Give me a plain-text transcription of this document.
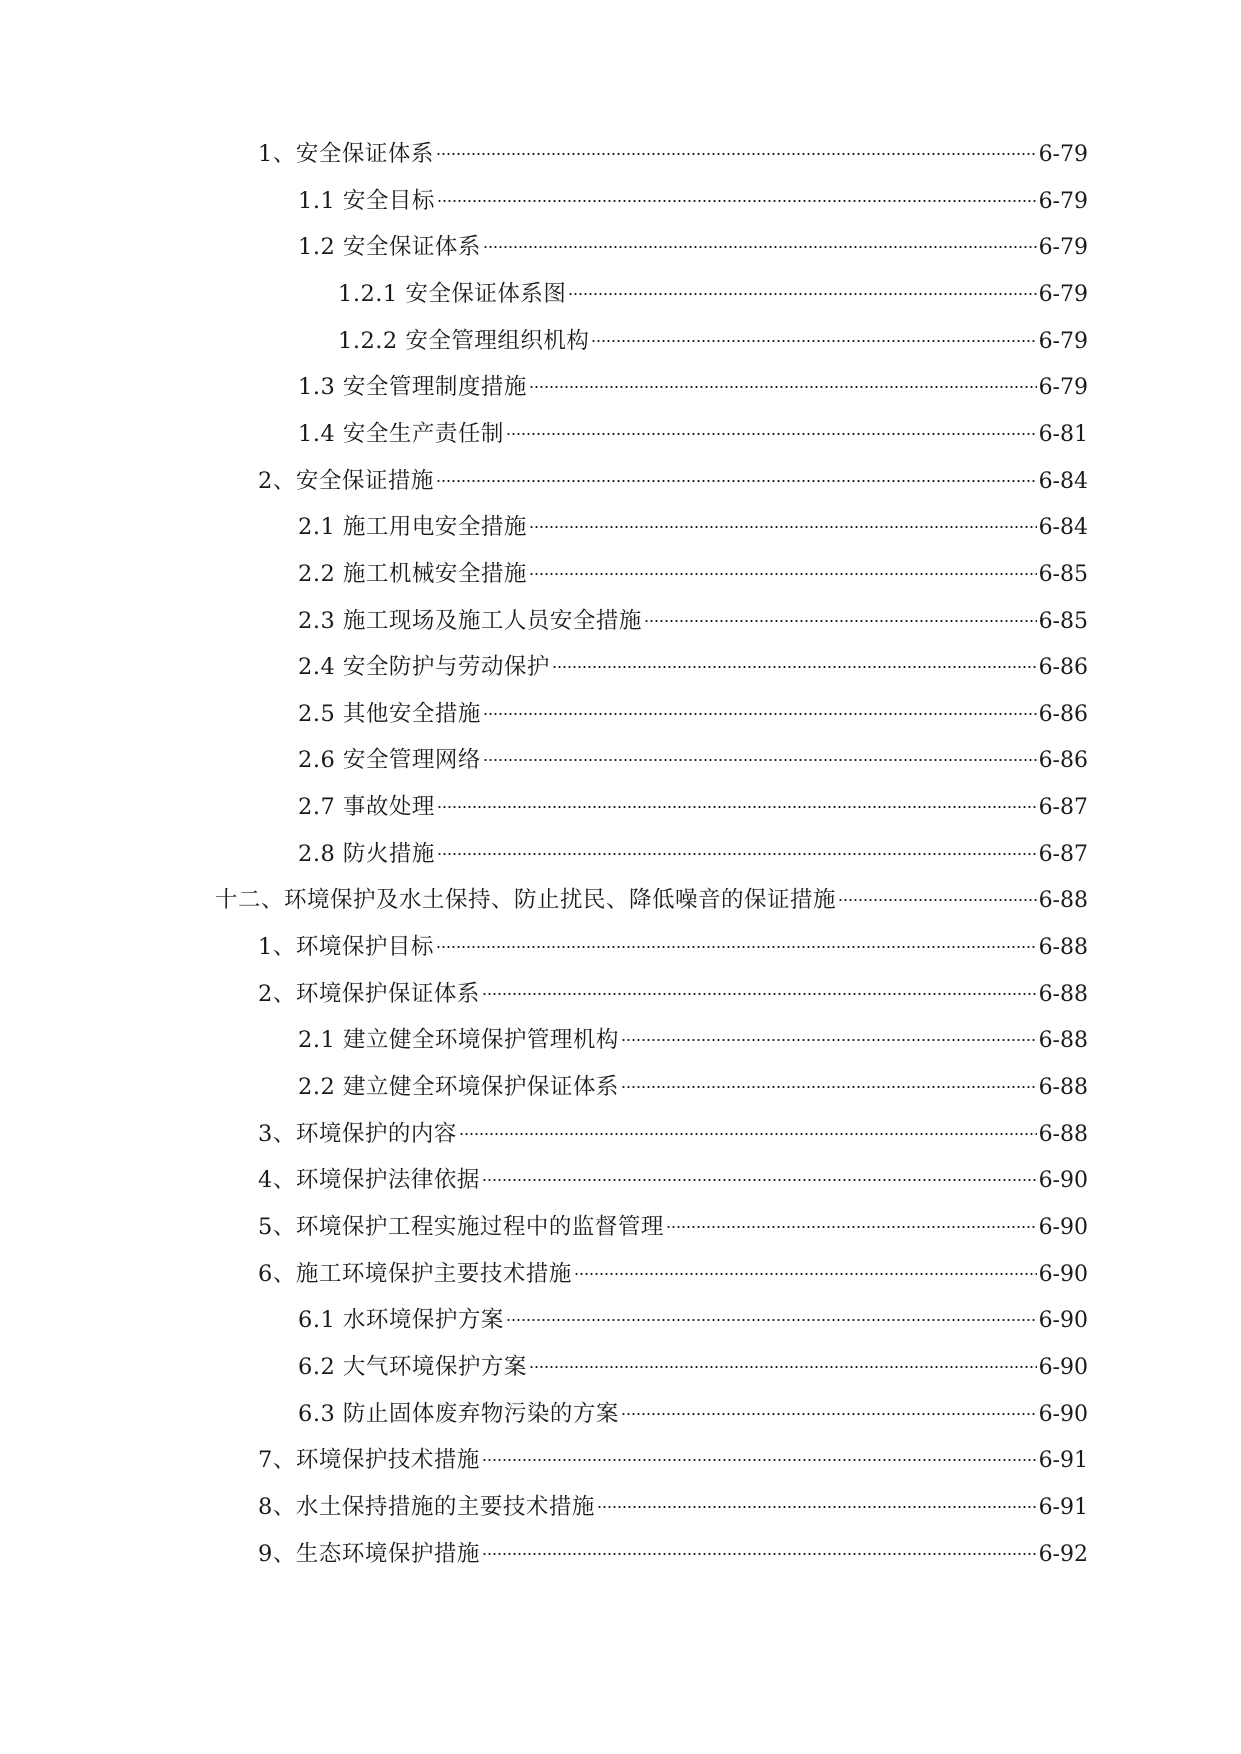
1、安全保证体系	6-79
1.1 安全目标	6-79
1.2 安全保证体系	6-79
1.2.1 安全保证体系图	6-79
1.2.2 安全管理组织机构	6-79
1.3 安全管理制度措施	6-79
1.4 安全生产责任制	6-81
2、安全保证措施	6-84
2.1 施工用电安全措施	6-84
2.2 施工机械安全措施	6-85
2.3 施工现场及施工人员安全措施	6-85
2.4 安全防护与劳动保护	6-86
2.5 其他安全措施	6-86
2.6 安全管理网络	6-86
2.7 事故处理	6-87
2.8 防火措施	6-87
十二、环境保护及水土保持、防止扰民、降低噪音的保证措施	6-88
1、环境保护目标	6-88
2、环境保护保证体系	6-88
2.1 建立健全环境保护管理机构	6-88
2.2 建立健全环境保护保证体系	6-88
3、环境保护的内容	6-88
4、环境保护法律依据	6-90
5、环境保护工程实施过程中的监督管理	6-90
6、施工环境保护主要技术措施	6-90
6.1 水环境保护方案	6-90
6.2 大气环境保护方案	6-90
6.3 防止固体废弃物污染的方案	6-90
7、环境保护技术措施	6-91
8、水土保持措施的主要技术措施	6-91
9、生态环境保护措施	6-92
